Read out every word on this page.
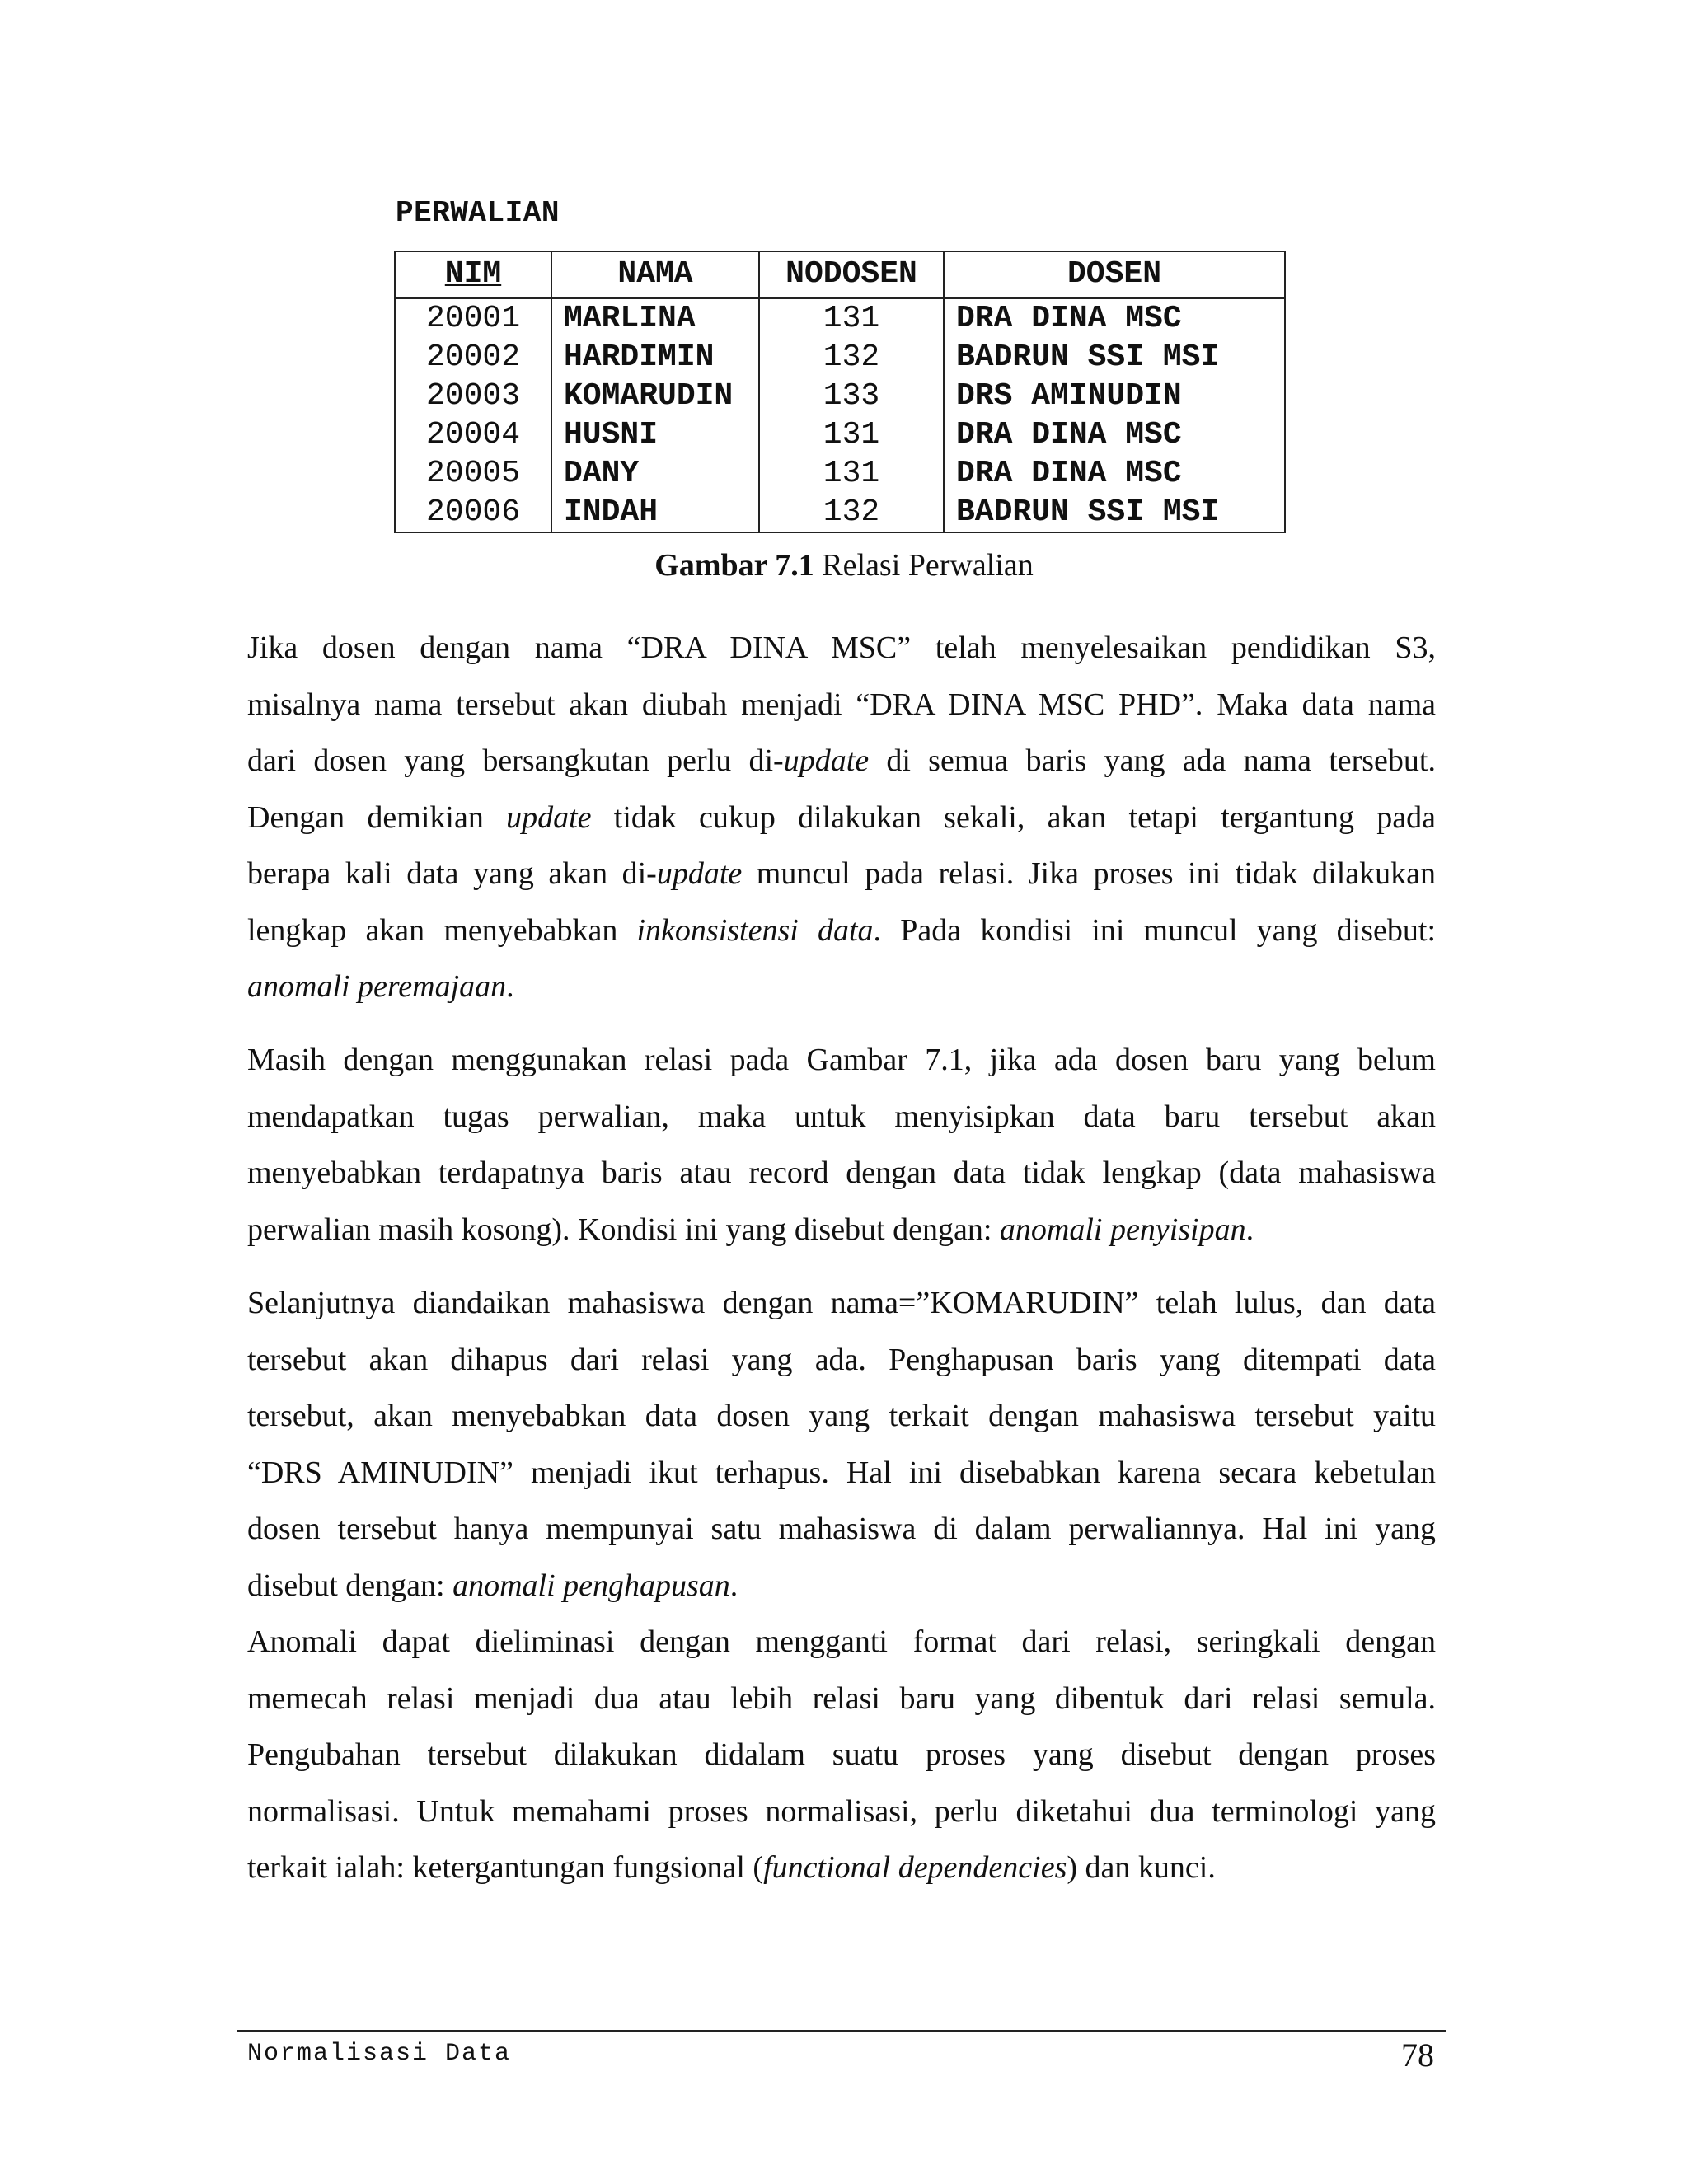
PERWALIAN
NIM	NAMA	NODOSEN	DOSEN
20001	MARLINA	131	DRA DINA MSC
20002	HARDIMIN	132	BADRUN SSI MSI
20003	KOMARUDIN	133	DRS AMINUDIN
20004	HUSNI	131	DRA DINA MSC
20005	DANY	131	DRA DINA MSC
20006	INDAH	132	BADRUN SSI MSI
Gambar 7.1 Relasi Perwalian
Jika dosen dengan nama “DRA DINA MSC” telah menyelesaikan pendidikan S3,
misalnya nama tersebut akan diubah menjadi “DRA DINA MSC PHD”. Maka data nama
dari dosen yang bersangkutan perlu di-update di semua baris yang ada nama tersebut.
Dengan demikian update tidak cukup dilakukan sekali, akan tetapi tergantung pada
berapa kali data yang akan di-update muncul pada relasi. Jika proses ini tidak dilakukan
lengkap akan menyebabkan inkonsistensi data. Pada kondisi ini muncul yang disebut:
anomali peremajaan.
Masih dengan menggunakan relasi pada Gambar 7.1, jika ada dosen baru yang belum
mendapatkan tugas perwalian, maka untuk menyisipkan data baru tersebut akan
menyebabkan terdapatnya baris atau record dengan data tidak lengkap (data mahasiswa
perwalian masih kosong). Kondisi ini yang disebut dengan: anomali penyisipan.
Selanjutnya diandaikan mahasiswa dengan nama=”KOMARUDIN” telah lulus, dan data
tersebut akan dihapus dari relasi yang ada. Penghapusan baris yang ditempati data
tersebut, akan menyebabkan data dosen yang terkait dengan mahasiswa tersebut yaitu
“DRS AMINUDIN” menjadi ikut terhapus. Hal ini disebabkan karena secara kebetulan
dosen tersebut hanya mempunyai satu mahasiswa di dalam perwaliannya. Hal ini yang
disebut dengan: anomali penghapusan.
Anomali dapat dieliminasi dengan mengganti format dari relasi, seringkali dengan
memecah relasi menjadi dua atau lebih relasi baru yang dibentuk dari relasi semula.
Pengubahan tersebut dilakukan didalam suatu proses yang disebut dengan proses
normalisasi. Untuk memahami proses normalisasi, perlu diketahui dua terminologi yang
terkait ialah: ketergantungan fungsional (functional dependencies) dan kunci.
Normalisasi Data	78
